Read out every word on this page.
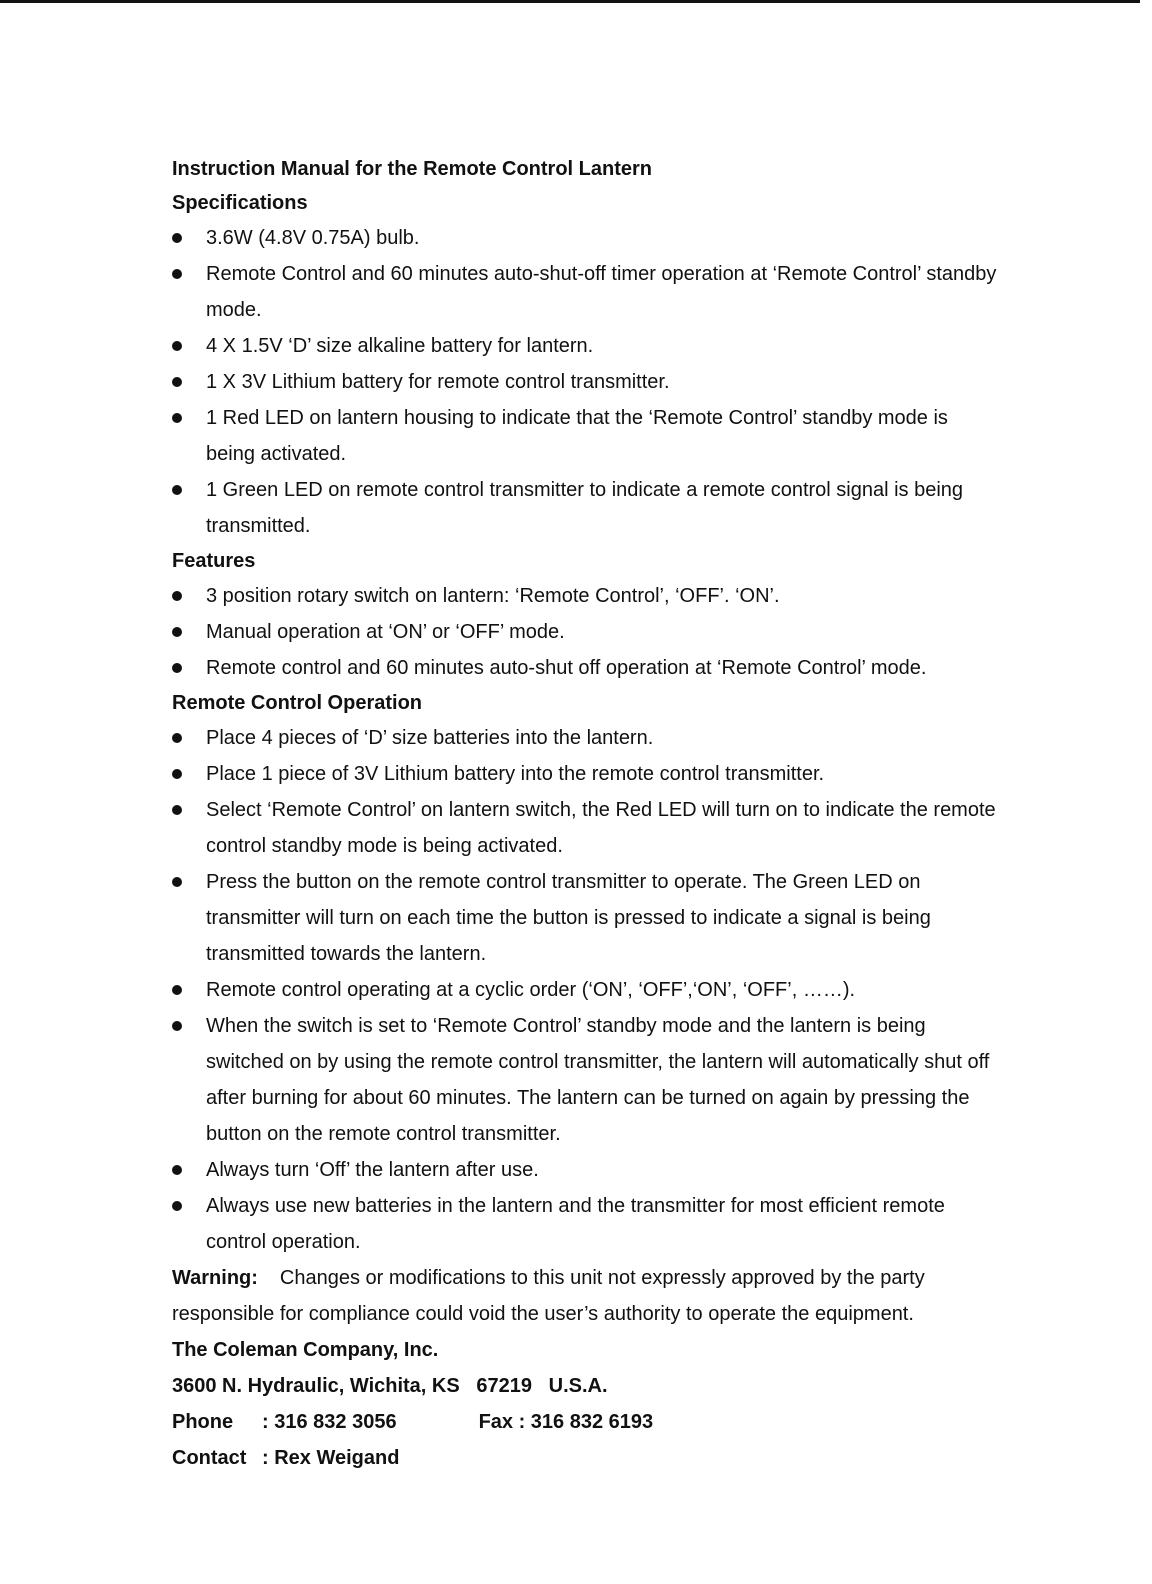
Instruction Manual for the Remote Control Lantern

Specifications

3.6W (4.8V 0.75A) bulb.
Remote Control and 60 minutes auto-shut-off timer operation at ‘Remote Control’ standby mode.
4 X 1.5V ‘D’ size alkaline battery for lantern.
1 X 3V Lithium battery for remote control transmitter.
1 Red LED on lantern housing to indicate that the ‘Remote Control’ standby mode is being activated.
1 Green LED on remote control transmitter to indicate a remote control signal is being transmitted.

Features

3 position rotary switch on lantern: ‘Remote Control’, ‘OFF’. ‘ON’.
Manual operation at ‘ON’ or ‘OFF’ mode.
Remote control and 60 minutes auto-shut off operation at ‘Remote Control’ mode.

Remote Control Operation

Place 4 pieces of ‘D’ size batteries into the lantern.
Place 1 piece of 3V Lithium battery into the remote control transmitter.
Select ‘Remote Control’ on lantern switch, the Red LED will turn on to indicate the remote control standby mode is being activated.
Press the button on the remote control transmitter to operate. The Green LED on transmitter will turn on each time the button is pressed to indicate a signal is being transmitted towards the lantern.
Remote control operating at a cyclic order (‘ON’, ‘OFF’,‘ON’, ‘OFF’, ……).
When the switch is set to ‘Remote Control’ standby mode and the lantern is being switched on by using the remote control transmitter, the lantern will automatically shut off after burning for about 60 minutes. The lantern can be turned on again by pressing the button on the remote control transmitter.
Always turn ‘Off’ the lantern after use.
Always use new batteries in the lantern and the transmitter for most efficient remote control operation.

Warning: Changes or modifications to this unit not expressly approved by the party responsible for compliance could void the user’s authority to operate the equipment.

The Coleman Company, Inc.

3600 N. Hydraulic, Wichita, KS   67219   U.S.A.

Phone : 316 832 3056	Fax : 316 832 6193

Contact : Rex Weigand
